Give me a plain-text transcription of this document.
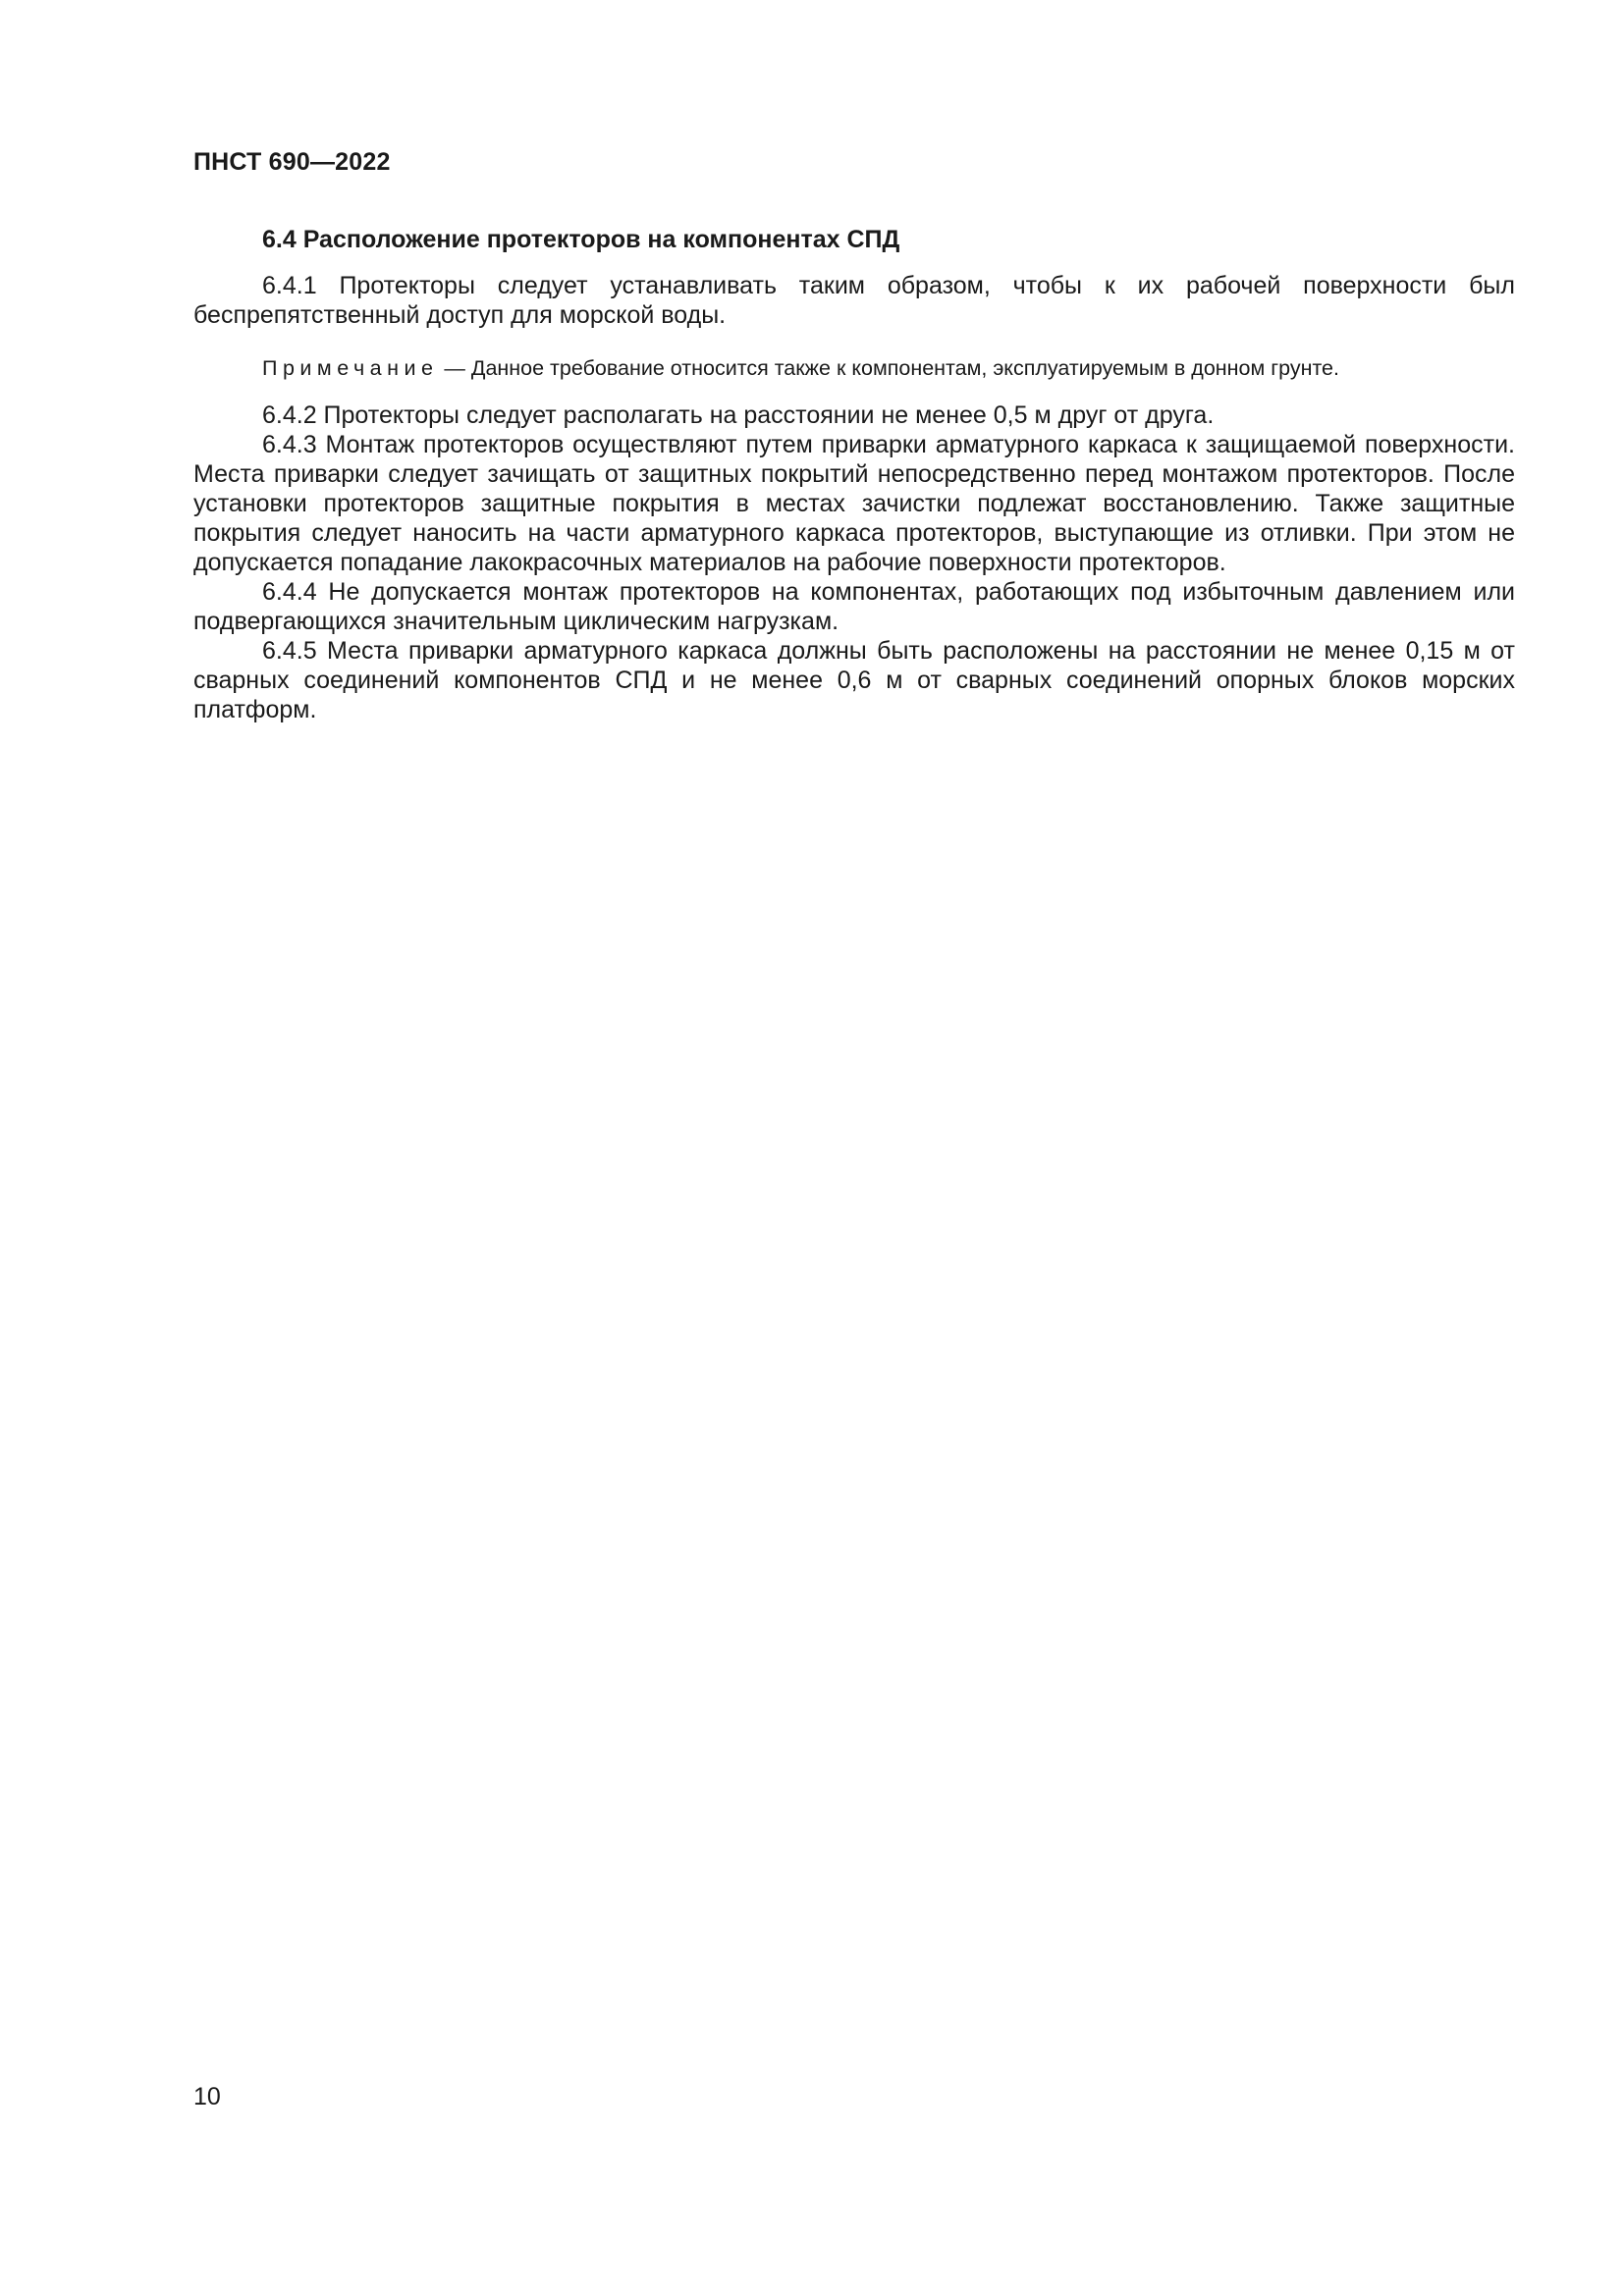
ПНСТ 690—2022
6.4 Расположение протекторов на компонентах СПД

6.4.1 Протекторы следует устанавливать таким образом, чтобы к их рабочей поверхности был беспрепятственный доступ для морской воды.

Примечание — Данное требование относится также к компонентам, эксплуатируемым в донном грунте.

6.4.2 Протекторы следует располагать на расстоянии не менее 0,5 м друг от друга.

6.4.3 Монтаж протекторов осуществляют путем приварки арматурного каркаса к защищаемой поверхности. Места приварки следует зачищать от защитных покрытий непосредственно перед монтажом протекторов. После установки протекторов защитные покрытия в местах зачистки подлежат восстановлению. Также защитные покрытия следует наносить на части арматурного каркаса протекторов, выступающие из отливки. При этом не допускается попадание лакокрасочных материалов на рабочие поверхности протекторов.

6.4.4 Не допускается монтаж протекторов на компонентах, работающих под избыточным давлением или подвергающихся значительным циклическим нагрузкам.

6.4.5 Места приварки арматурного каркаса должны быть расположены на расстоянии не менее 0,15 м от сварных соединений компонентов СПД и не менее 0,6 м от сварных соединений опорных блоков морских платформ.

10
